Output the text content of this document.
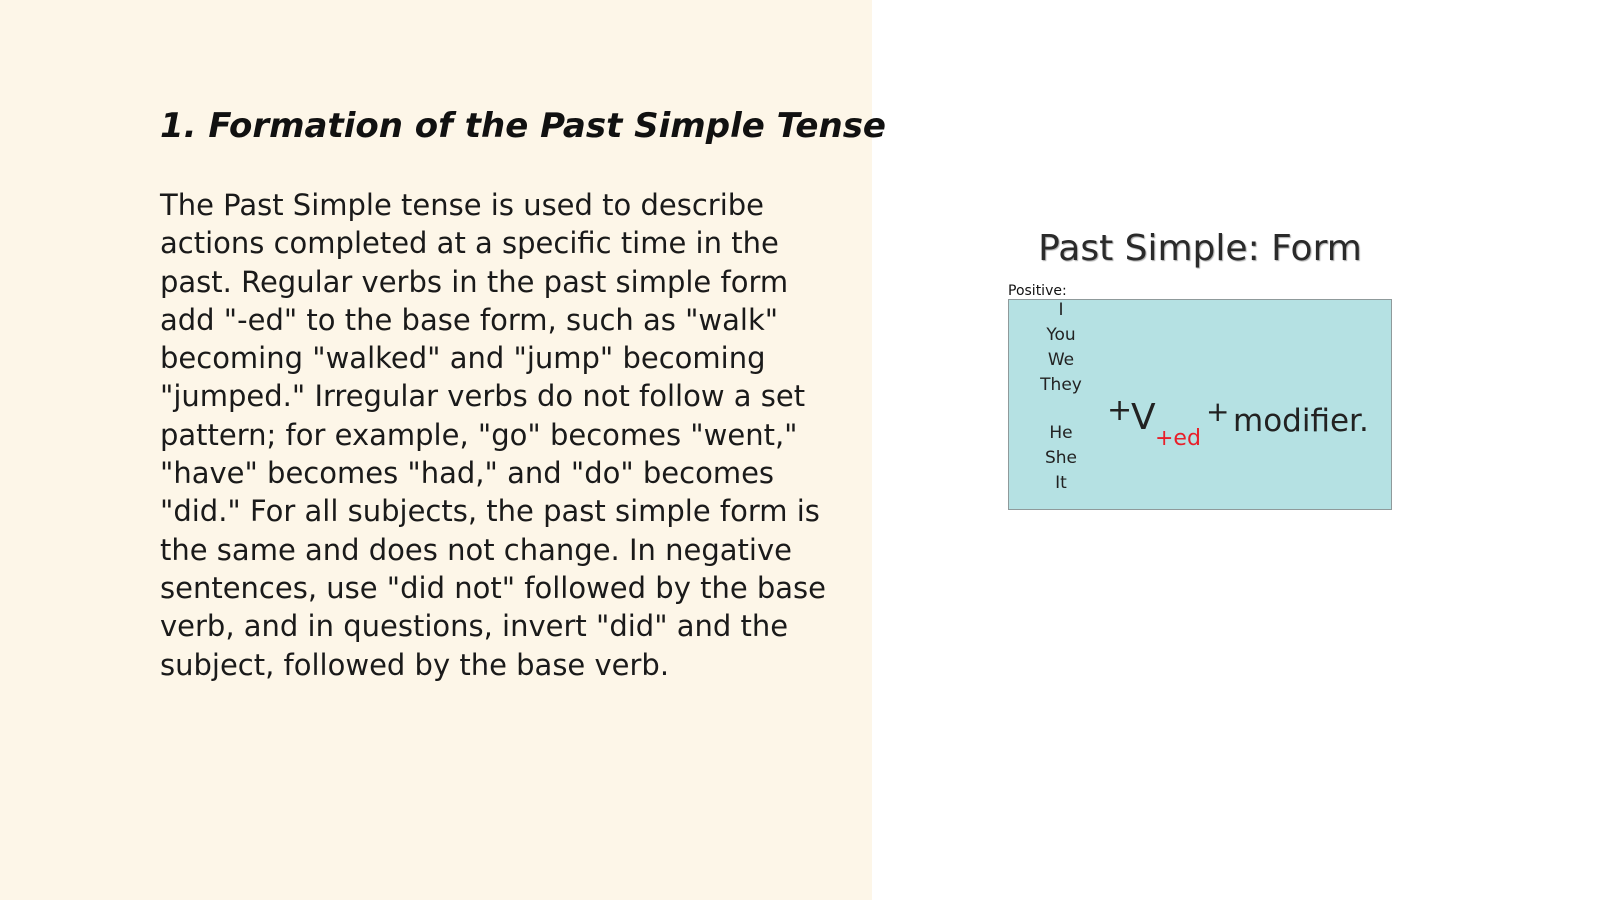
1. Formation of the Past Simple Tense

The Past Simple tense is used to describe actions completed at a specific time in the past. Regular verbs in the past simple form add "-ed" to the base form, such as "walk" becoming "walked" and "jump" becoming "jumped." Irregular verbs do not follow a set pattern; for example, "go" becomes "went," "have" becomes "had," and "do" becomes "did." For all subjects, the past simple form is the same and does not change. In negative sentences, use "did not" followed by the base verb, and in questions, invert "did" and the subject, followed by the base verb.

Past Simple: Form
Positive:
I
You
We
They
He
She
It
+
V
+ed
+ modifier.
